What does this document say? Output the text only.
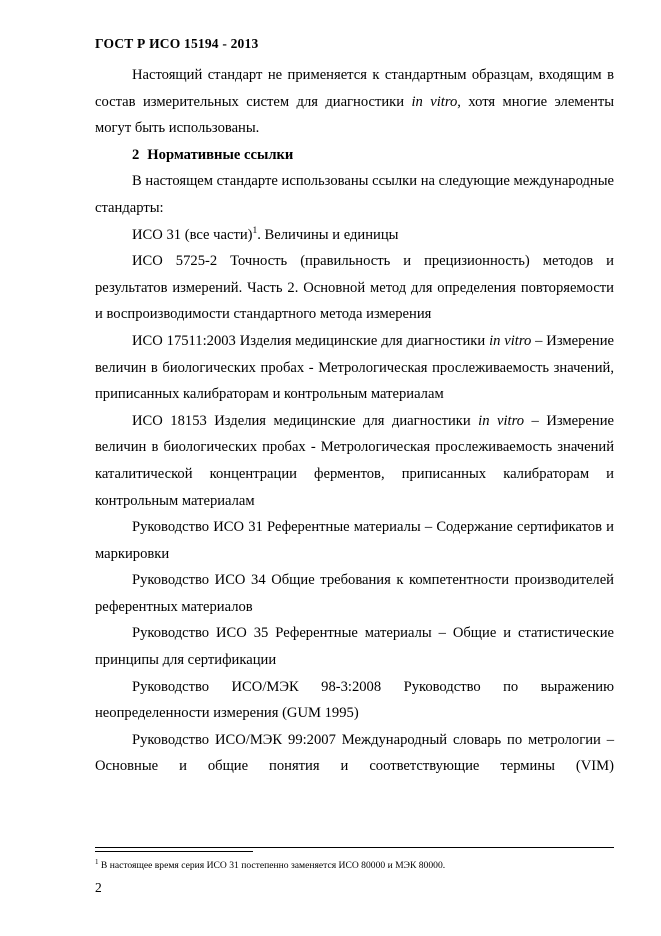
ГОСТ Р ИСО 15194 - 2013

Настоящий стандарт не применяется к стандартным образцам, входящим в состав измерительных систем для диагностики in vitro, хотя многие элементы могут быть использованы.

2 Нормативные ссылки

В настоящем стандарте использованы ссылки на следующие международные стандарты:

ИСО 31 (все части)$^1$. Величины и единицы

ИСО 5725-2 Точность (правильность и прецизионность) методов и результатов измерений. Часть 2. Основной метод для определения повторяемости и воспроизводимости стандартного метода измерения

ИСО 17511:2003 Изделия медицинские для диагностики in vitro – Измерение величин в биологических пробах - Метрологическая прослеживаемость значений, приписанных калибраторам и контрольным материалам

ИСО 18153 Изделия медицинские для диагностики in vitro – Измерение величин в биологических пробах - Метрологическая прослеживаемость значений каталитической концентрации ферментов, приписанных калибраторам и контрольным материалам

Руководство ИСО 31 Референтные материалы – Содержание сертификатов и маркировки

Руководство ИСО 34 Общие требования к компетентности производителей референтных материалов

Руководство ИСО 35 Референтные материалы – Общие и статистические принципы для сертификации

Руководство ИСО/МЭК 98-3:2008 Руководство по выражению неопределенности измерения (GUM 1995)

Руководство ИСО/МЭК 99:2007 Международный словарь по метрологии – Основные и общие понятия и соответствующие термины (VIM)

$^1$ В настоящее время серия ИСО 31 постепенно заменяется ИСО 80000 и МЭК 80000.
2
